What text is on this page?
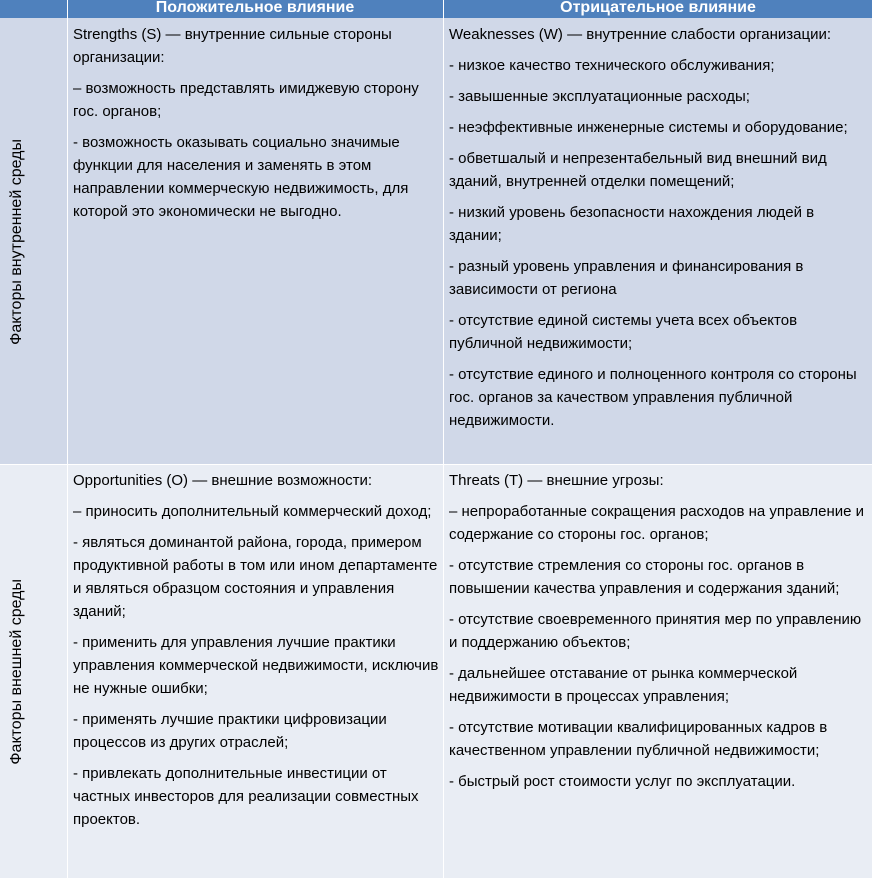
Положительное влияние	Отрицательное влияние
Факторы внутренней среды
Факторы внешней среды

Strengths (S) — внутренние сильные стороны организации:

– возможность представлять имиджевую сторону гос. органов;

- возможность оказывать социально значимые функции для населения и заменять в этом направлении коммерческую недвижимость, для которой это экономически не выгодно.

Weaknesses (W) — внутренние слабости организации:

- низкое качество технического обслуживания;

- завышенные эксплуатационные расходы;

- неэффективные инженерные системы и оборудование;

- обветшалый и непрезентабельный вид внешний вид зданий, внутренней отделки помещений;

- низкий уровень безопасности нахождения людей в здании;

- разный уровень управления и финансирования в зависимости от региона

- отсутствие единой системы учета всех объектов публичной недвижимости;

- отсутствие единого и полноценного контроля со стороны гос. органов за качеством управления публичной недвижимости.

Opportunities (O) — внешние возможности:

– приносить дополнительный коммерческий доход;

- являться доминантой района, города, примером продуктивной работы в том или ином департаменте и являться образцом состояния и управления зданий;

- применить для управления лучшие практики управления коммерческой недвижимости, исключив не нужные ошибки;

- применять лучшие практики цифровизации процессов из других отраслей;

- привлекать дополнительные инвестиции от частных инвесторов для реализации совместных проектов.

Threats (T) — внешние угрозы:

– непроработанные сокращения расходов на управление и содержание со стороны гос. органов;

- отсутствие стремления со стороны гос. органов в повышении качества управления и содержания зданий;

- отсутствие своевременного принятия мер по управлению и поддержанию объектов;

- дальнейшее отставание от рынка коммерческой недвижимости в процессах управления;

- отсутствие мотивации квалифицированных кадров в качественном управлении публичной недвижимости;

- быстрый рост стоимости услуг по эксплуатации.
